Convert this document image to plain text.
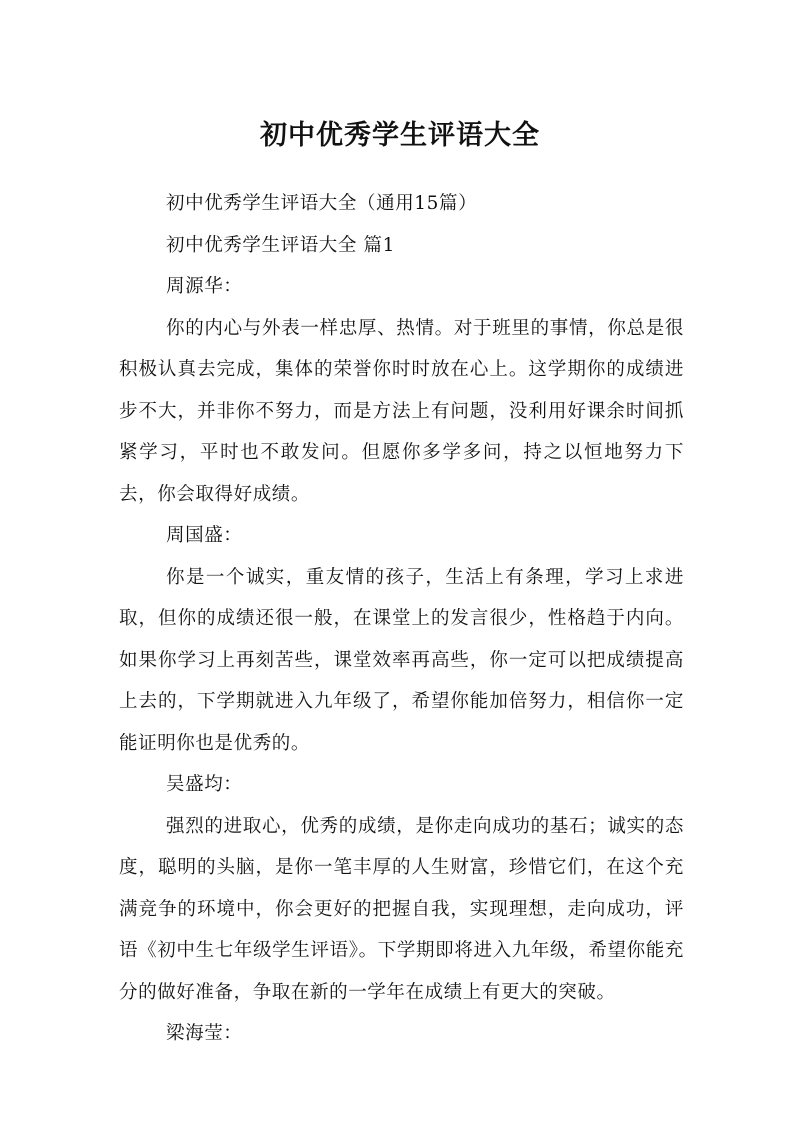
初中优秀学生评语大全

初中优秀学生评语大全（通用15篇）

初中优秀学生评语大全 篇1

周源华：

你的内心与外表一样忠厚、热情。对于班里的事情，你总是很积极认真去完成，集体的荣誉你时时放在心上。这学期你的成绩进步不大，并非你不努力，而是方法上有问题，没利用好课余时间抓紧学习，平时也不敢发问。但愿你多学多问，持之以恒地努力下去，你会取得好成绩。

周国盛：

你是一个诚实，重友情的孩子，生活上有条理，学习上求进取，但你的成绩还很一般，在课堂上的发言很少，性格趋于内向。如果你学习上再刻苦些，课堂效率再高些，你一定可以把成绩提高上去的，下学期就进入九年级了，希望你能加倍努力，相信你一定能证明你也是优秀的。

吴盛均：

强烈的进取心，优秀的成绩，是你走向成功的基石；诚实的态度，聪明的头脑，是你一笔丰厚的人生财富，珍惜它们，在这个充满竞争的环境中，你会更好的把握自我，实现理想，走向成功，评语《初中生七年级学生评语》。下学期即将进入九年级，希望你能充分的做好准备，争取在新的一学年在成绩上有更大的突破。

梁海莹：
